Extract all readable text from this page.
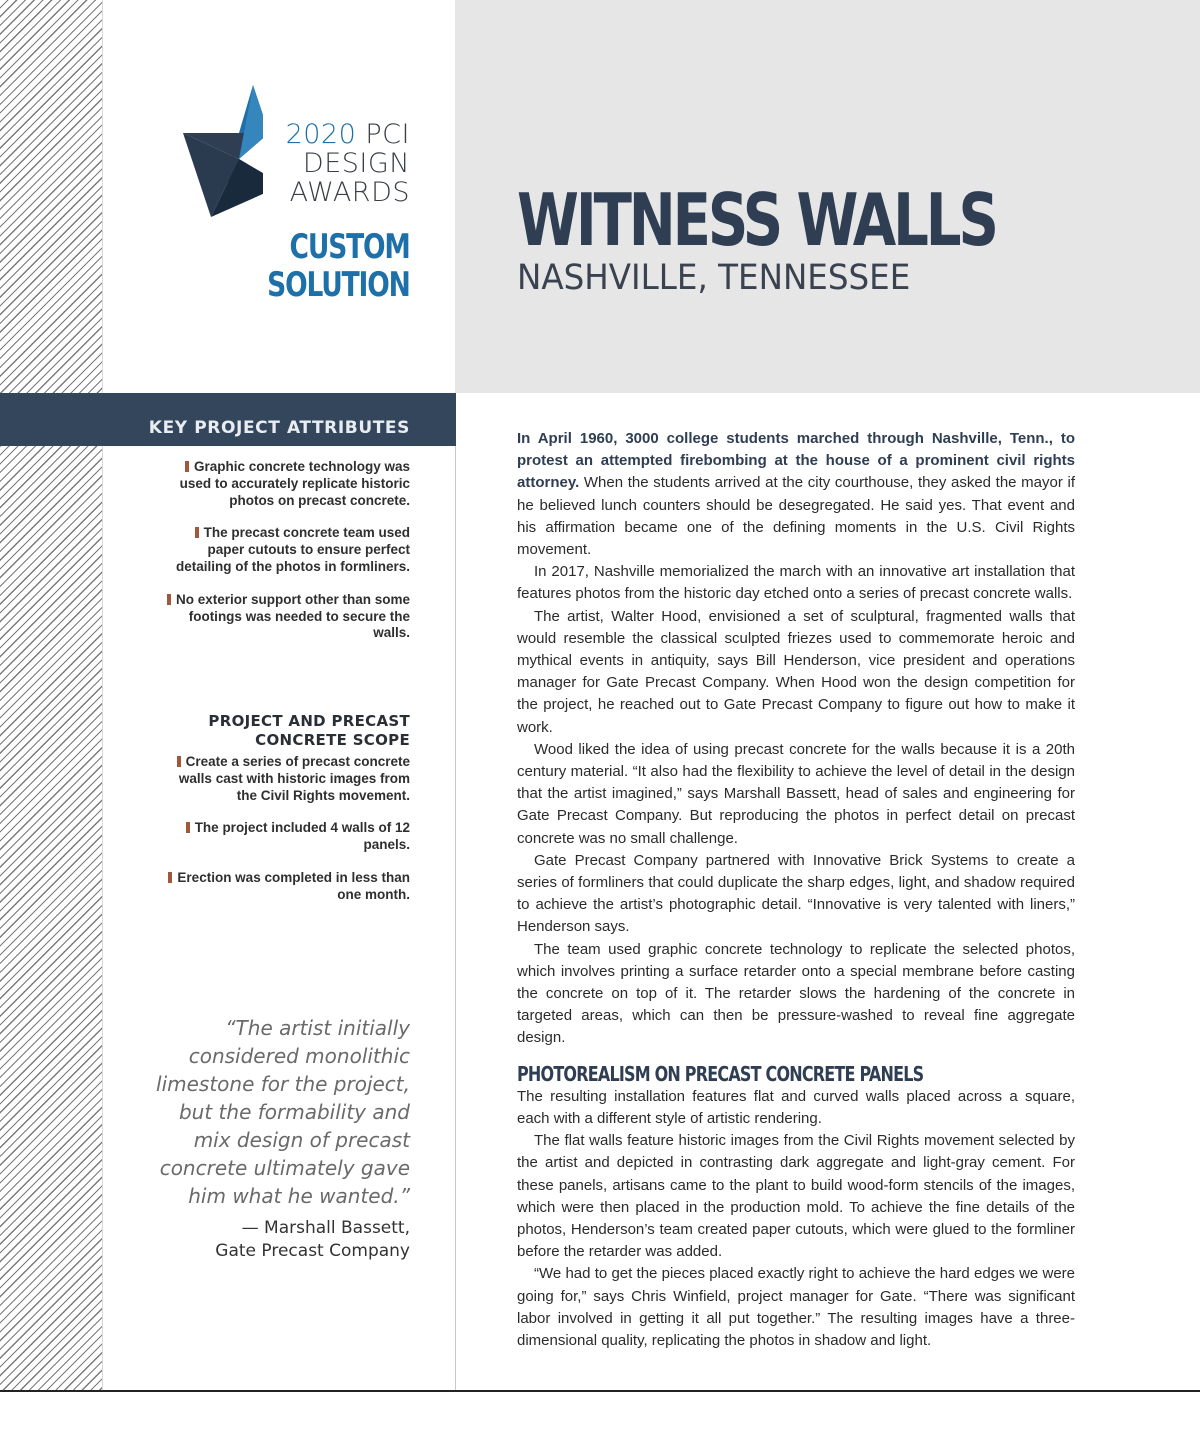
2020 PCI
DESIGN
AWARDS
CUSTOM
SOLUTION
WITNESS WALLS
NASHVILLE, TENNESSEE
KEY PROJECT ATTRIBUTES
Graphic concrete technology was used to accurately replicate historic photos on precast concrete.
The precast concrete team used paper cutouts to ensure perfect detailing of the photos in formliners.
No exterior support other than some footings was needed to secure the walls.
PROJECT AND PRECAST
CONCRETE SCOPE
Create a series of precast concrete walls cast with historic images from the Civil Rights movement.
The project included 4 walls of 12 panels.
Erection was completed in less than one month.

“The artist initially considered monolithic limestone for the project, but the formability and mix design of precast concrete ultimately gave him what he wanted.”

— Marshall Bassett,
Gate Precast Company

In April 1960, 3000 college students marched through Nashville, Tenn., to protest an attempted firebombing at the house of a prominent civil rights attorney. When the students arrived at the city courthouse, they asked the mayor if he believed lunch counters should be desegregated. He said yes. That event and his affirmation became one of the defining moments in the U.S. Civil Rights movement.

In 2017, Nashville memorialized the march with an innovative art installation that features photos from the historic day etched onto a series of precast concrete walls.

The artist, Walter Hood, envisioned a set of sculptural, fragmented walls that would resemble the classical sculpted friezes used to commemorate heroic and mythical events in antiquity, says Bill Henderson, vice president and operations manager for Gate Precast Company. When Hood won the design competition for the project, he reached out to Gate Precast Company to figure out how to make it work.

Wood liked the idea of using precast concrete for the walls because it is a 20th century material. “It also had the flexibility to achieve the level of detail in the design that the artist imagined,” says Marshall Bassett, head of sales and engineering for Gate Precast Company. But reproducing the photos in perfect detail on precast concrete was no small challenge.

Gate Precast Company partnered with Innovative Brick Systems to create a series of formliners that could duplicate the sharp edges, light, and shadow required to achieve the artist’s photographic detail. “Innovative is very talented with liners,” Henderson says.

The team used graphic concrete technology to replicate the selected photos, which involves printing a surface retarder onto a special membrane before casting the concrete on top of it. The retarder slows the hardening of the concrete in targeted areas, which can then be pressure-washed to reveal fine aggregate design.

PHOTOREALISM ON PRECAST CONCRETE PANELS

The resulting installation features flat and curved walls placed across a square, each with a different style of artistic rendering.

The flat walls feature historic images from the Civil Rights movement selected by the artist and depicted in contrasting dark aggregate and light-gray cement. For these panels, artisans came to the plant to build wood-form stencils of the images, which were then placed in the production mold. To achieve the fine details of the photos, Henderson’s team created paper cutouts, which were glued to the formliner before the retarder was added.

“We had to get the pieces placed exactly right to achieve the hard edges we were going for,” says Chris Winfield, project manager for Gate. “There was significant labor involved in getting it all put together.” The resulting images have a three-dimensional quality, replicating the photos in shadow and light.
